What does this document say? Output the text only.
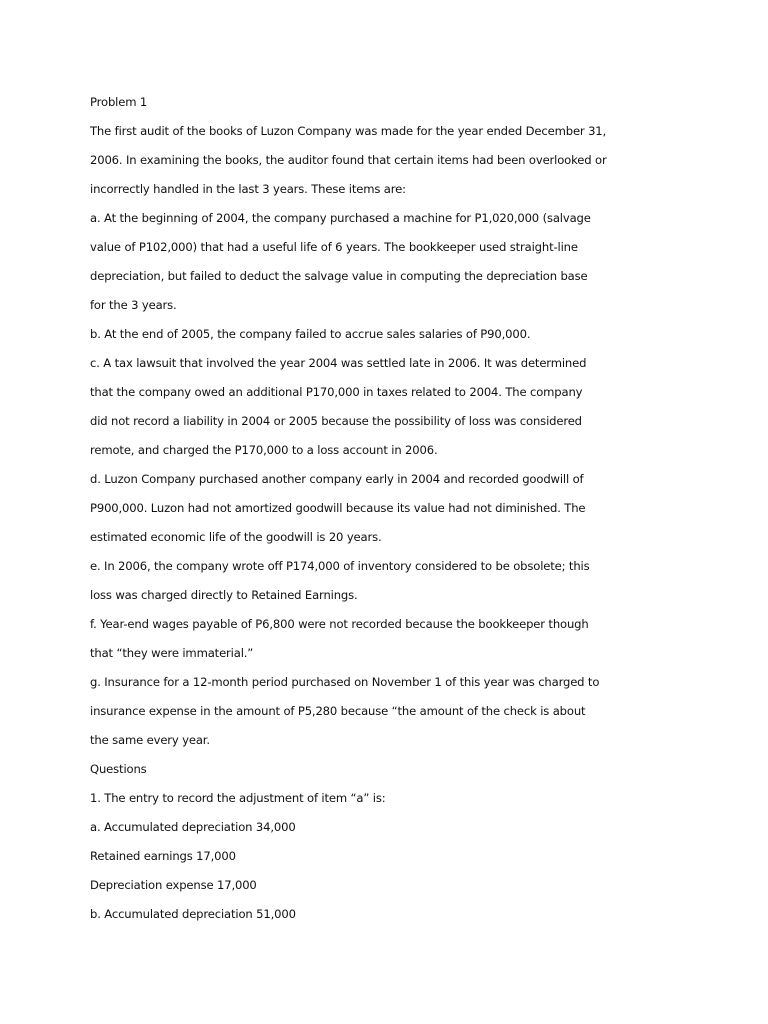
Problem 1
The first audit of the books of Luzon Company was made for the year ended December 31,
2006. In examining the books, the auditor found that certain items had been overlooked or
incorrectly handled in the last 3 years. These items are:
a. At the beginning of 2004, the company purchased a machine for P1,020,000 (salvage
value of P102,000) that had a useful life of 6 years. The bookkeeper used straight-line
depreciation, but failed to deduct the salvage value in computing the depreciation base
for the 3 years.
b. At the end of 2005, the company failed to accrue sales salaries of P90,000.
c. A tax lawsuit that involved the year 2004 was settled late in 2006. It was determined
that the company owed an additional P170,000 in taxes related to 2004. The company
did not record a liability in 2004 or 2005 because the possibility of loss was considered
remote, and charged the P170,000 to a loss account in 2006.
d. Luzon Company purchased another company early in 2004 and recorded goodwill of
P900,000. Luzon had not amortized goodwill because its value had not diminished. The
estimated economic life of the goodwill is 20 years.
e. In 2006, the company wrote off P174,000 of inventory considered to be obsolete; this
loss was charged directly to Retained Earnings.
f. Year-end wages payable of P6,800 were not recorded because the bookkeeper though
that “they were immaterial.”
g. Insurance for a 12-month period purchased on November 1 of this year was charged to
insurance expense in the amount of P5,280 because “the amount of the check is about
the same every year.
Questions
1. The entry to record the adjustment of item “a” is:
a. Accumulated depreciation 34,000
Retained earnings 17,000
Depreciation expense 17,000
b. Accumulated depreciation 51,000
